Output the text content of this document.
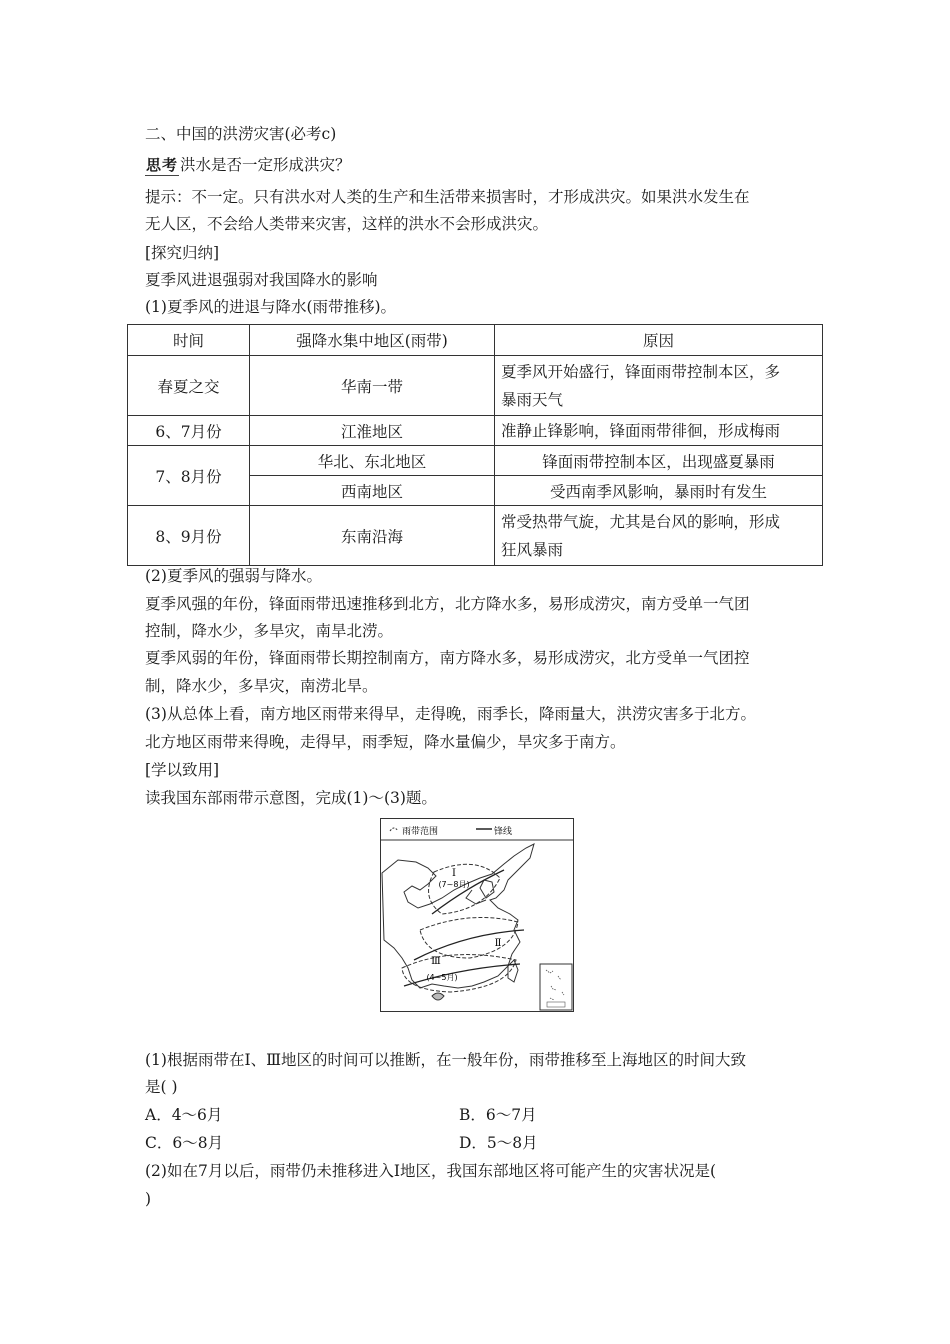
二、中国的洪涝灾害(必考c)
思考 洪水是否一定形成洪灾？
提示：不一定。只有洪水对人类的生产和生活带来损害时，才形成洪灾。如果洪水发生在
无人区，不会给人类带来灾害，这样的洪水不会形成洪灾。
[探究归纳]
夏季风进退强弱对我国降水的影响
(1)夏季风的进退与降水(雨带推移)。
时间	强降水集中地区(雨带)	原因
春夏之交	华南一带	夏季风开始盛行，锋面雨带控制本区，多
暴雨天气

6、7月份	江淮地区	准静止锋影响，锋面雨带徘徊，形成梅雨

7、8月份	华北、东北地区	锋面雨带控制本区，出现盛夏暴雨

	西南地区	受西南季风影响，暴雨时有发生

8、9月份	东南沿海	常受热带气旋，尤其是台风的影响，形成
狂风暴雨
(2)夏季风的强弱与降水。
夏季风强的年份，锋面雨带迅速推移到北方，北方降水多，易形成涝灾，南方受单一气团
控制，降水少，多旱灾，南旱北涝。
夏季风弱的年份，锋面雨带长期控制南方，南方降水多，易形成涝灾，北方受单一气团控
制，降水少，多旱灾，南涝北旱。
(3)从总体上看，南方地区雨带来得早，走得晚，雨季长，降雨量大，洪涝灾害多于北方。
北方地区雨带来得晚，走得早，雨季短，降水量偏少，旱灾多于南方。
[学以致用]
读我国东部雨带示意图，完成(1)～(3)题。
雨带范围	锋线
Ⅰ
(7~8月)
Ⅱ
Ⅲ
(4~5月)
(1)根据雨带在Ⅰ、Ⅲ地区的时间可以推断，在一般年份，雨带推移至上海地区的时间大致
是( )
A．4～6月	B．6～7月
C．6～8月	D．5～8月
(2)如在7月以后，雨带仍未推移进入Ⅰ地区，我国东部地区将可能产生的灾害状况是(
)
